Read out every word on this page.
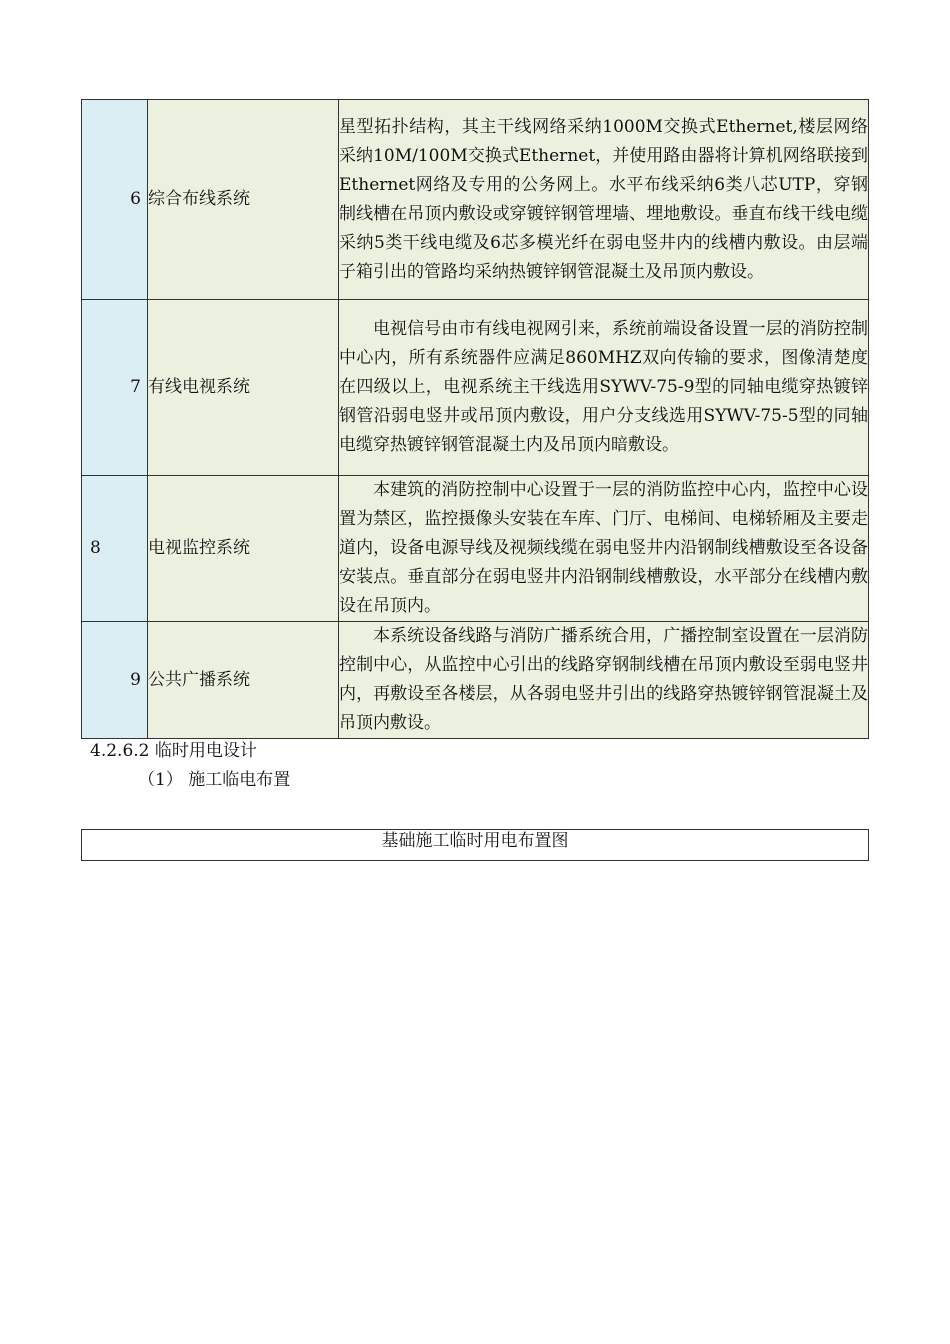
6	综合布线系统	星型拓扑结构，其主干线网络采纳1000M交换式Ethernet,楼层网络采纳10M/100M交换式Ethernet，并使用路由器将计算机网络联接到Ethernet网络及专用的公务网上。水平布线采纳6类八芯UTP，穿钢制线槽在吊顶内敷设或穿镀锌钢管埋墙、埋地敷设。垂直布线干线电缆采纳5类干线电缆及6芯多模光纤在弱电竖井内的线槽内敷设。由层端子箱引出的管路均采纳热镀锌钢管混凝土及吊顶内敷设。
7	有线电视系统	电视信号由市有线电视网引来，系统前端设备设置一层的消防控制中心内，所有系统器件应满足860MHZ双向传输的要求，图像清楚度在四级以上，电视系统主干线选用SYWV-75-9型的同轴电缆穿热镀锌钢管沿弱电竖井或吊顶内敷设，用户分支线选用SYWV-75-5型的同轴电缆穿热镀锌钢管混凝土内及吊顶内暗敷设。
8	电视监控系统	本建筑的消防控制中心设置于一层的消防监控中心内，监控中心设置为禁区，监控摄像头安装在车库、门厅、电梯间、电梯轿厢及主要走道内，设备电源导线及视频线缆在弱电竖井内沿钢制线槽敷设至各设备安装点。垂直部分在弱电竖井内沿钢制线槽敷设，水平部分在线槽内敷设在吊顶内。
9	公共广播系统	本系统设备线路与消防广播系统合用，广播控制室设置在一层消防控制中心，从监控中心引出的线路穿钢制线槽在吊顶内敷设至弱电竖井内，再敷设至各楼层，从各弱电竖井引出的线路穿热镀锌钢管混凝土及吊顶内敷设。
4.2.6.2 临时用电设计
（1） 施工临电布置
基础施工临时用电布置图
